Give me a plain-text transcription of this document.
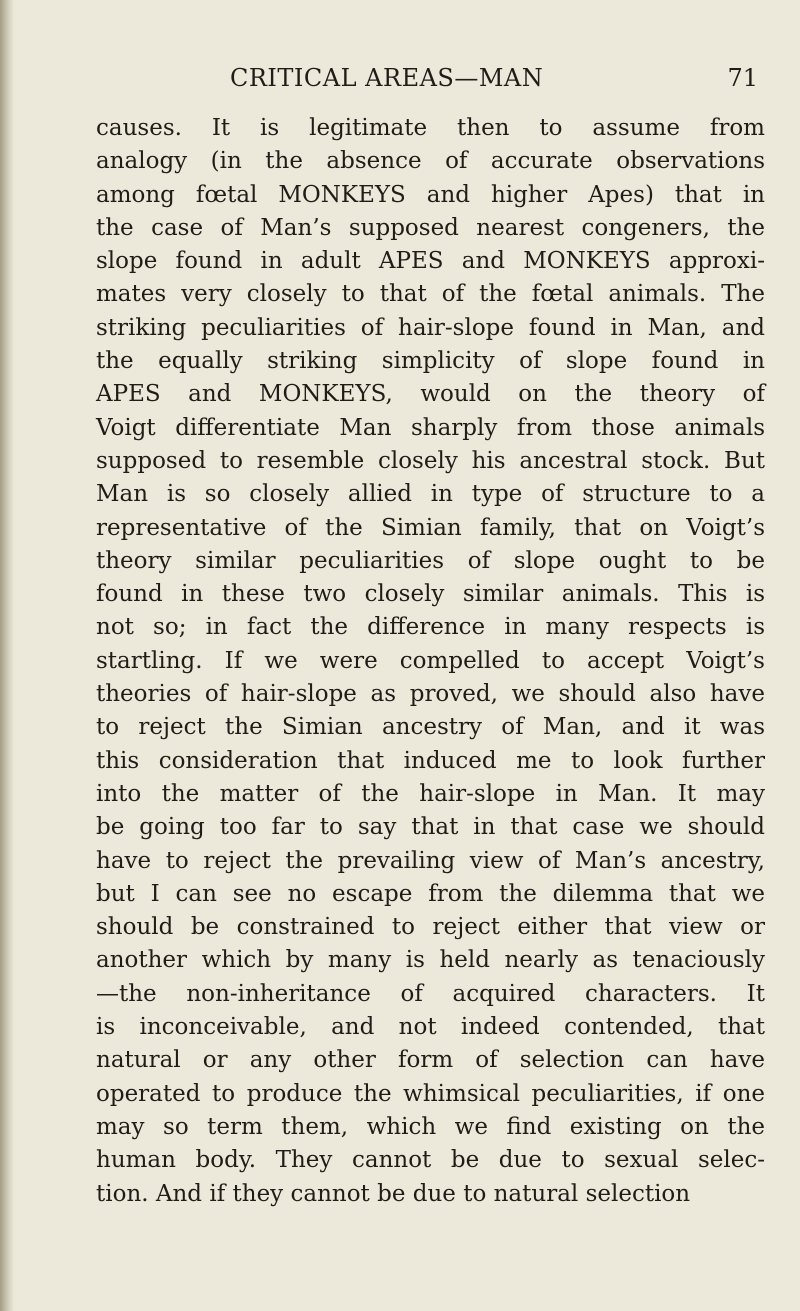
CRITICAL AREAS—MAN	71
causes. It is legitimate then to assume from
analogy (in the absence of accurate observations
among fœtal MONKEYS and higher Apes) that in
the case of Man’s supposed nearest congeners, the
slope found in adult APES and MONKEYS approxi-
mates very closely to that of the fœtal animals. The
striking peculiarities of hair-slope found in Man, and
the equally striking simplicity of slope found in
APES and MONKEYS, would on the theory of
Voigt differentiate Man sharply from those animals
supposed to resemble closely his ancestral stock. But
Man is so closely allied in type of structure to a
representative of the Simian family, that on Voigt’s
theory similar peculiarities of slope ought to be
found in these two closely similar animals. This is
not so; in fact the difference in many respects is
startling. If we were compelled to accept Voigt’s
theories of hair-slope as proved, we should also have
to reject the Simian ancestry of Man, and it was
this consideration that induced me to look further
into the matter of the hair-slope in Man. It may
be going too far to say that in that case we should
have to reject the prevailing view of Man’s ancestry,
but I can see no escape from the dilemma that we
should be constrained to reject either that view or
another which by many is held nearly as tenaciously
—the non-inheritance of acquired characters. It
is inconceivable, and not indeed contended, that
natural or any other form of selection can have
operated to produce the whimsical peculiarities, if one
may so term them, which we find existing on the
human body. They cannot be due to sexual selec-
tion. And if they cannot be due to natural selection
